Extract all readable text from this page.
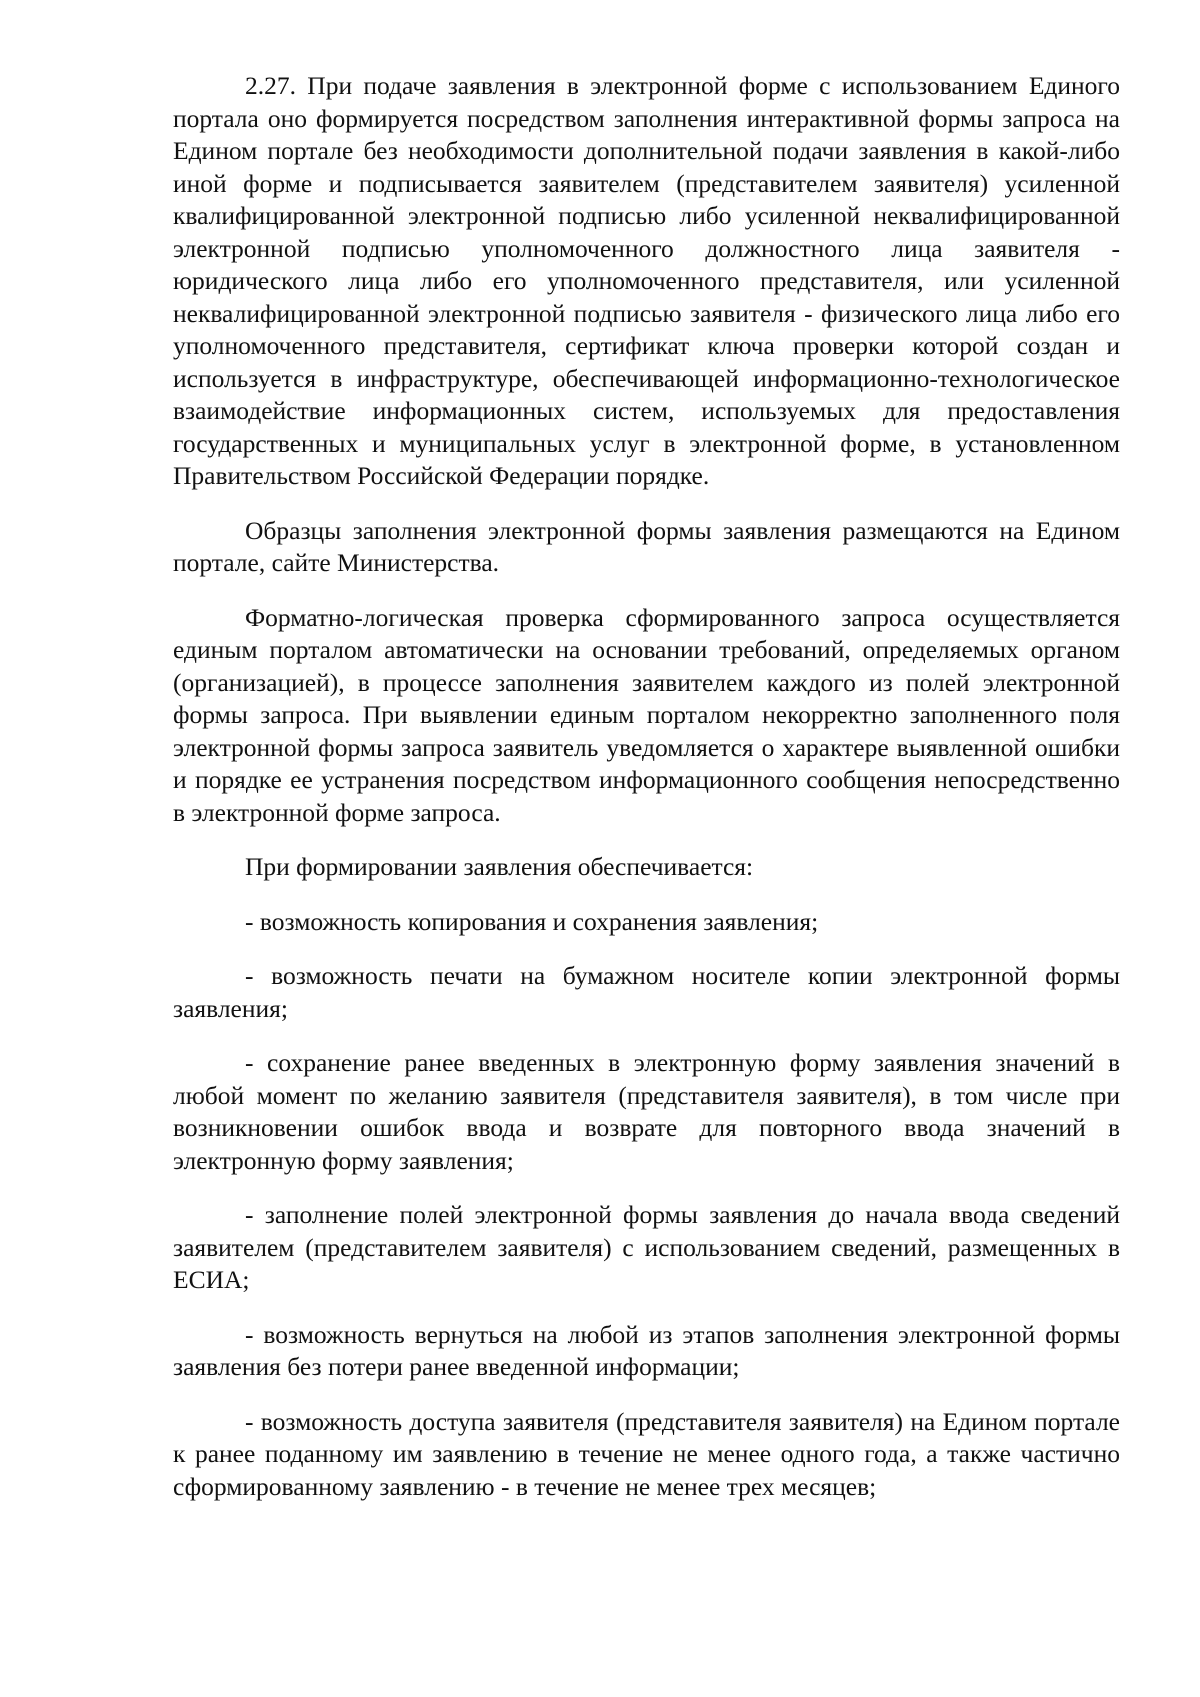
2.27. При подаче заявления в электронной форме с использованием Единого портала оно формируется посредством заполнения интерактивной формы запроса на Едином портале без необходимости дополнительной подачи заявления в какой-либо иной форме и подписывается заявителем (представителем заявителя) усиленной квалифицированной электронной подписью либо усиленной неквалифицированной электронной подписью уполномоченного должностного лица заявителя - юридического лица либо его уполномоченного представителя, или усиленной неквалифицированной электронной подписью заявителя - физического лица либо его уполномоченного представителя, сертификат ключа проверки которой создан и используется в инфраструктуре, обеспечивающей информационно-технологическое взаимодействие информационных систем, используемых для предоставления государственных и муниципальных услуг в электронной форме, в установленном Правительством Российской Федерации порядке.

Образцы заполнения электронной формы заявления размещаются на Едином портале, сайте Министерства.

Форматно-логическая проверка сформированного запроса осуществляется единым порталом автоматически на основании требований, определяемых органом (организацией), в процессе заполнения заявителем каждого из полей электронной формы запроса. При выявлении единым порталом некорректно заполненного поля электронной формы запроса заявитель уведомляется о характере выявленной ошибки и порядке ее устранения посредством информационного сообщения непосредственно в электронной форме запроса.

При формировании заявления обеспечивается:

- возможность копирования и сохранения заявления;

- возможность печати на бумажном носителе копии электронной формы заявления;

- сохранение ранее введенных в электронную форму заявления значений в любой момент по желанию заявителя (представителя заявителя), в том числе при возникновении ошибок ввода и возврате для повторного ввода значений в электронную форму заявления;

- заполнение полей электронной формы заявления до начала ввода сведений заявителем (представителем заявителя) с использованием сведений, размещенных в ЕСИА;

- возможность вернуться на любой из этапов заполнения электронной формы заявления без потери ранее введенной информации;

- возможность доступа заявителя (представителя заявителя) на Едином портале к ранее поданному им заявлению в течение не менее одного года, а также частично сформированному заявлению - в течение не менее трех месяцев;
